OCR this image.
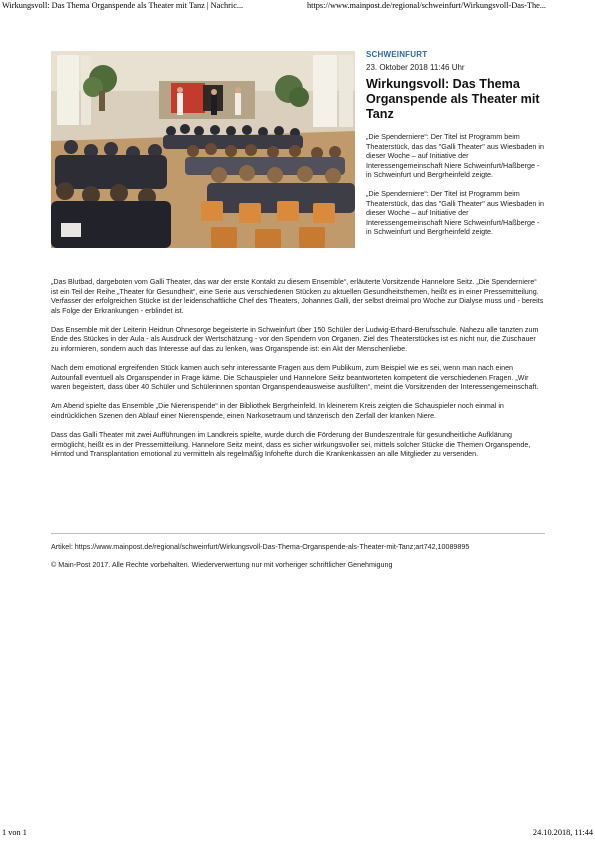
Wirkungsvoll: Das Thema Organspende als Theater mit Tanz | Nachric...	https://www.mainpost.de/regional/schweinfurt/Wirkungsvoll-Das-The...
SCHWEINFURT
23. Oktober 2018 11:46 Uhr
Wirkungsvoll: Das Thema Organspende als Theater mit Tanz

„Die Spenderniere“: Der Titel ist Programm beim Theaterstück, das das "Galli Theater" aus Wiesbaden in dieser Woche – auf Initiative der Interessengemeinschaft Niere Schweinfurt/Haßberge - in Schweinfurt und Bergrheinfeld zeigte.

„Die Spenderniere“: Der Titel ist Programm beim Theaterstück, das das "Galli Theater" aus Wiesbaden in dieser Woche – auf Initiative der Interessengemeinschaft Niere Schweinfurt/Haßberge - in Schweinfurt und Bergrheinfeld zeigte.

„Das Blutbad, dargeboten vom Galli Theater, das war der erste Kontakt zu diesem Ensemble“, erläuterte Vorsitzende Hannelore Seitz. „Die Spenderniere“ ist ein Teil der Reihe „Theater für Gesundheit“, eine Serie aus verschiedenen Stücken zu aktuellen Gesundheitsthemen, heißt es in einer Pressemitteilung. Verfasser der erfolgreichen Stücke ist der leidenschaftliche Chef des Theaters, Johannes Galli, der selbst dreimal pro Woche zur Dialyse muss und - bereits als Folge der Erkrankungen - erblindet ist.

Das Ensemble mit der Leiterin Heidrun Ohnesorge begeisterte in Schweinfurt über 150 Schüler der Ludwig-Erhard-Berufsschule. Nahezu alle tanzten zum Ende des Stückes in der Aula - als Ausdruck der Wertschätzung - vor den Spendern von Organen. Ziel des Theaterstückes ist es nicht nur, die Zuschauer zu informieren, sondern auch das Interesse auf das zu lenken, was Organspende ist: ein Akt der Menschenliebe.

Nach dem emotional ergreifenden Stück kamen auch sehr interessante Fragen aus dem Publikum, zum Beispiel wie es sei, wenn man nach einen Autounfall eventuell als Organspender in Frage käme. Die Schauspieler und Hannelore Seitz beantworteten kompetent die verschiedenen Fragen. „Wir waren begeistert, dass über 40 Schüler und Schülerinnen spontan Organspendeausweise ausfüllten“, meint die Vorsitzenden der Interessengemeinschaft.

Am Abend spielte das Ensemble „Die Nierenspende“ in der Bibliothek Bergrheinfeld. In kleinerem Kreis zeigten die Schauspieler noch einmal in eindrücklichen Szenen den Ablauf einer Nierenspende, einen Narkosetraum und tänzerisch den Zerfall der kranken Niere.

Dass das Galli Theater mit zwei Aufführungen im Landkreis spielte, wurde durch die Förderung der Bundeszentrale für gesundheitliche Aufklärung ermöglicht, heißt es in der Pressemitteilung. Hannelore Seitz meint, dass es sicher wirkungsvoller sei, mittels solcher Stücke die Themen Organspende, Hirntod und Transplantation emotional zu vermitteln als regelmäßig Infohefte durch die Krankenkassen an alle Mitglieder zu versenden.

Artikel: https://www.mainpost.de/regional/schweinfurt/Wirkungsvoll-Das-Thema-Organspende-als-Theater-mit-Tanz;art742,10089895

© Main-Post 2017. Alle Rechte vorbehalten. Wiederverwertung nur mit vorheriger schriftlicher Genehmigung

1 von 1	24.10.2018, 11:44
